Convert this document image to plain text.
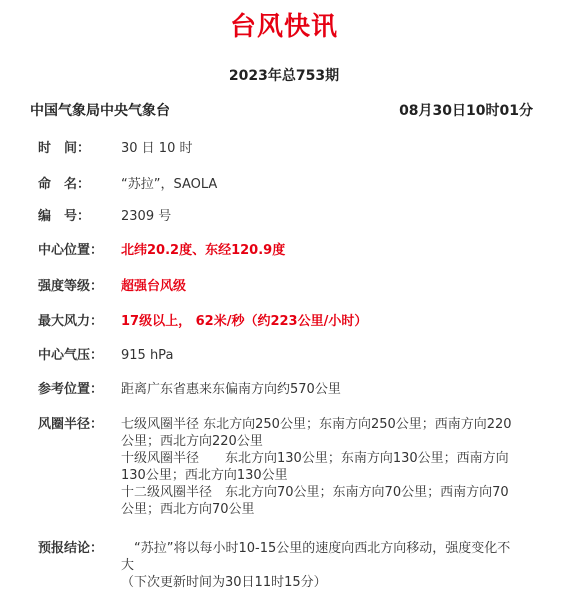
台风快讯
2023年总753期
中国气象局中央气象台	08月30日10时01分
时　间：	30 日 10 时
命　名：	“苏拉”，SAOLA
编　号：	2309 号
中心位置：	北纬20.2度、东经120.9度
强度等级：	超强台风级
最大风力：	17级以上， 62米/秒（约223公里/小时）
中心气压：	915 hPa
参考位置：	距离广东省惠来东偏南方向约570公里
风圈半径：	七级风圈半径 东北方向250公里；东南方向250公里；西南方向220
公里；西北方向220公里
十级风圈半径　　东北方向130公里；东南方向130公里；西南方向
130公里；西北方向130公里
十二级风圈半径　东北方向70公里；东南方向70公里；西南方向70
公里；西北方向70公里
预报结论：	　“苏拉”将以每小时10-15公里的速度向西北方向移动，强度变化不
大
（下次更新时间为30日11时15分）
